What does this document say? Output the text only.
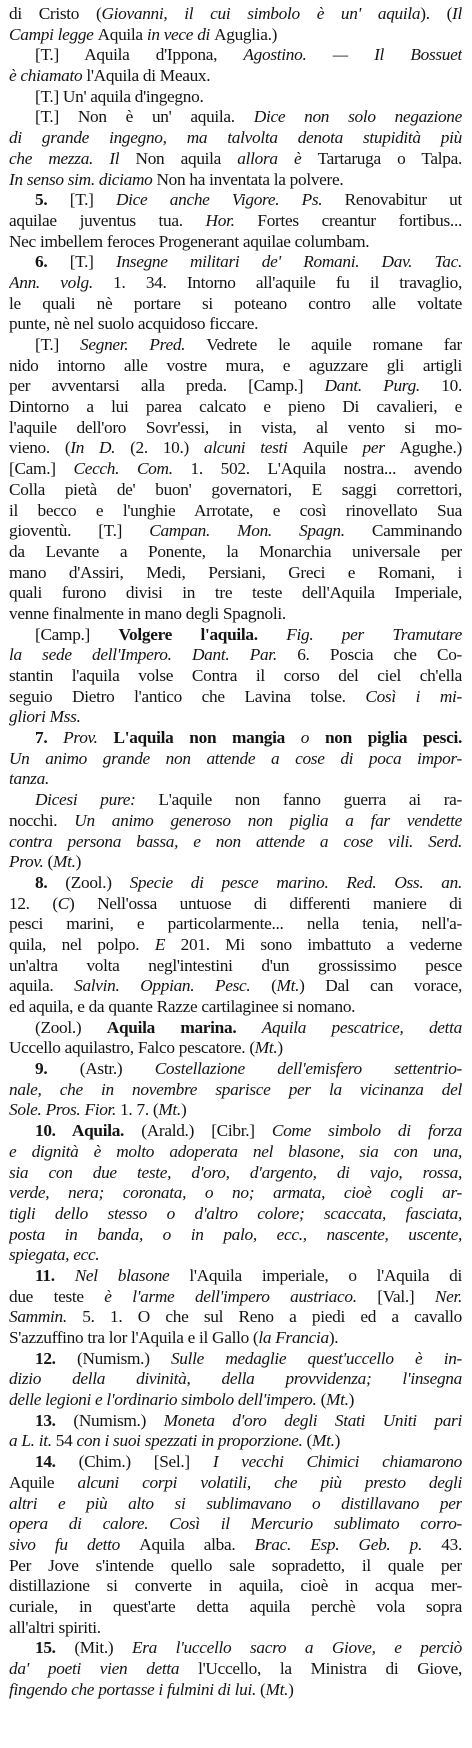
di Cristo (Giovanni, il cui simbolo è un' aquila). (Il
Campi legge Aquila in vece di Aguglia.)
[T.] Aquila d'Ippona, Agostino. — Il Bossuet
è chiamato l'Aquila di Meaux.
[T.] Un' aquila d'ingegno.
[T.] Non è un' aquila. Dice non solo negazione
di grande ingegno, ma talvolta denota stupidità più
che mezza. Il Non aquila allora è Tartaruga o Talpa.
In senso sim. diciamo Non ha inventata la polvere.
5. [T.] Dice anche Vigore. Ps. Renovabitur ut
aquilae juventus tua. Hor. Fortes creantur fortibus...
Nec imbellem feroces Progenerant aquilae columbam.
6. [T.] Insegne militari de' Romani. Dav. Tac.
Ann. volg. 1. 34. Intorno all'aquile fu il travaglio,
le quali nè portare si poteano contro alle voltate
punte, nè nel suolo acquidoso ficcare.
[T.] Segner. Pred. Vedrete le aquile romane far
nido intorno alle vostre mura, e aguzzare gli artigli
per avventarsi alla preda. [Camp.] Dant. Purg. 10.
Dintorno a lui parea calcato e pieno Di cavalieri, e
l'aquile dell'oro Sovr'essi, in vista, al vento si mo-
vieno. (In D. (2. 10.) alcuni testi Aquile per Agughe.)
[Cam.] Cecch. Com. 1. 502. L'Aquila nostra... avendo
Colla pietà de' buon' governatori, E saggi correttori,
il becco e l'unghie Arrotate, e così rinovellato Sua
gioventù. [T.] Campan. Mon. Spagn. Camminando
da Levante a Ponente, la Monarchia universale per
mano d'Assiri, Medi, Persiani, Greci e Romani, i
quali furono divisi in tre teste dell'Aquila Imperiale,
venne finalmente in mano degli Spagnoli.
[Camp.] Volgere l'aquila. Fig. per Tramutare
la sede dell'Impero. Dant. Par. 6. Poscia che Co-
stantin l'aquila volse Contra il corso del ciel ch'ella
seguio Dietro l'antico che Lavina tolse. Così i mi-
gliori Mss.
7. Prov. L'aquila non mangia o non piglia pesci.
Un animo grande non attende a cose di poca impor-
tanza.
Dicesi pure: L'aquile non fanno guerra ai ra-
nocchi. Un animo generoso non piglia a far vendette
contra persona bassa, e non attende a cose vili. Serd.
Prov. (Mt.)
8. (Zool.) Specie di pesce marino. Red. Oss. an.
12. (C) Nell'ossa untuose di differenti maniere di
pesci marini, e particolarmente... nella tenia, nell'a-
quila, nel polpo. E 201. Mi sono imbattuto a vederne
un'altra volta negl'intestini d'un grossissimo pesce
aquila. Salvin. Oppian. Pesc. (Mt.) Dal can vorace,
ed aquila, e da quante Razze cartilaginee si nomano.
(Zool.) Aquila marina. Aquila pescatrice, detta
Uccello aquilastro, Falco pescatore. (Mt.)
9. (Astr.) Costellazione dell'emisfero settentrio-
nale, che in novembre sparisce per la vicinanza del
Sole. Pros. Fior. 1. 7. (Mt.)
10. Aquila. (Arald.) [Cibr.] Come simbolo di forza
e dignità è molto adoperata nel blasone, sia con una,
sia con due teste, d'oro, d'argento, di vajo, rossa,
verde, nera; coronata, o no; armata, cioè cogli ar-
tigli dello stesso o d'altro colore; scaccata, fasciata,
posta in banda, o in palo, ecc., nascente, uscente,
spiegata, ecc.
11. Nel blasone l'Aquila imperiale, o l'Aquila di
due teste è l'arme dell'impero austriaco. [Val.] Ner.
Sammin. 5. 1. O che sul Reno a piedi ed a cavallo
S'azzuffino tra lor l'Aquila e il Gallo (la Francia).
12. (Numism.) Sulle medaglie quest'uccello è in-
dizio della divinità, della provvidenza; l'insegna
delle legioni e l'ordinario simbolo dell'impero. (Mt.)
13. (Numism.) Moneta d'oro degli Stati Uniti pari
a L. it. 54 con i suoi spezzati in proporzione. (Mt.)
14. (Chim.) [Sel.] I vecchi Chimici chiamarono
Aquile alcuni corpi volatili, che più presto degli
altri e più alto si sublimavano o distillavano per
opera di calore. Così il Mercurio sublimato corro-
sivo fu detto Aquila alba. Brac. Esp. Geb. p. 43.
Per Jove s'intende quello sale sopradetto, il quale per
distillazione si converte in aquila, cioè in acqua mer-
curiale, in quest'arte detta aquila perchè vola sopra
all'altri spiriti.
15. (Mit.) Era l'uccello sacro a Giove, e perciò
da' poeti vien detta l'Uccello, la Ministra di Giove,
fingendo che portasse i fulmini di lui. (Mt.)
